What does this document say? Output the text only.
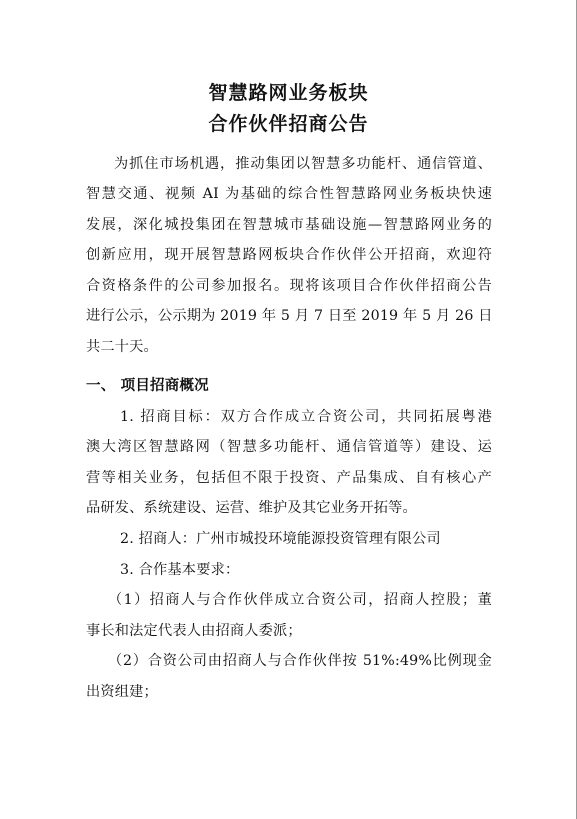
智慧路网业务板块
合作伙伴招商公告
为抓住市场机遇，推动集团以智慧多功能杆、通信管道、
智慧交通、视频 AI 为基础的综合性智慧路网业务板块快速
发展，深化城投集团在智慧城市基础设施—智慧路网业务的
创新应用，现开展智慧路网板块合作伙伴公开招商，欢迎符
合资格条件的公司参加报名。现将该项目合作伙伴招商公告
进行公示，公示期为 2019 年 5 月 7 日至 2019 年 5 月 26 日
共二十天。
一、 项目招商概况
1. 招商目标：双方合作成立合资公司，共同拓展粤港
澳大湾区智慧路网（智慧多功能杆、通信管道等）建设、运
营等相关业务，包括但不限于投资、产品集成、自有核心产
品研发、系统建设、运营、维护及其它业务开拓等。
2. 招商人：广州市城投环境能源投资管理有限公司
3. 合作基本要求：
（1）招商人与合作伙伴成立合资公司，招商人控股；董
事长和法定代表人由招商人委派；
（2）合资公司由招商人与合作伙伴按 51%:49%比例现金
出资组建；
